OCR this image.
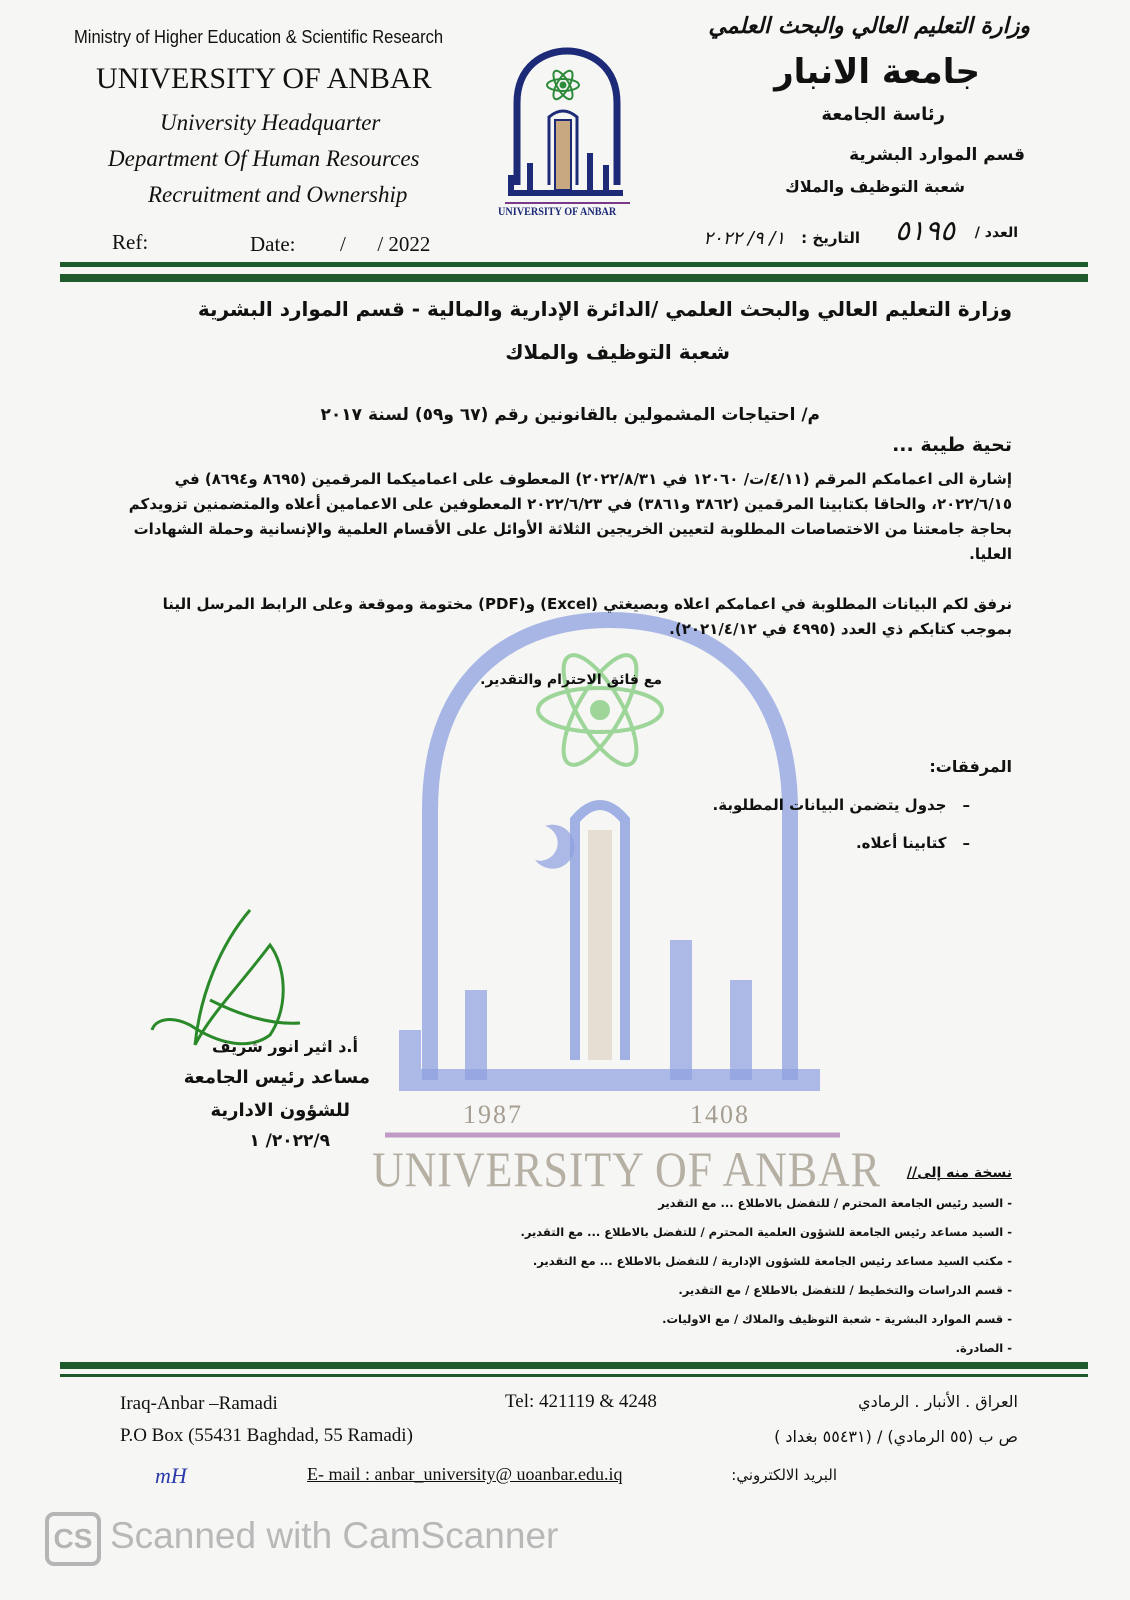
1987	1408
UNIVERSITY OF ANBAR
Ministry of Higher Education & Scientific Research
UNIVERSITY OF ANBAR
University Headquarter
Department Of Human Resources
Recruitment and Ownership
Ref:	Date: /      / 2022
UNIVERSITY OF ANBAR
وزارة التعليم العالي والبحث العلمي
جامعة الانبار
رئاسة الجامعة
قسم الموارد البشرية
شعبة التوظيف والملاك
العدد /
٥١٩٥
التاريخ :
١/ ٩/ ٢٠٢٢
وزارة التعليم العالي والبحث العلمي /الدائرة الإدارية والمالية - قسم الموارد البشرية
شعبة التوظيف والملاك
م/ احتياجات المشمولين بالقانونين رقم (٦٧ و٥٩) لسنة ٢٠١٧
تحية طيبة ...
إشارة الى اعمامكم المرقم (٤/١١/ت/ ١٢٠٦٠ في ٢٠٢٢/٨/٣١) المعطوف على اعماميكما المرقمين (٨٦٩٥ و٨٦٩٤) في ٢٠٢٢/٦/١٥، والحاقا بكتابينا المرقمين (٣٨٦٢ و٣٨٦١) في ٢٠٢٢/٦/٢٣ المعطوفين على الاعمامين أعلاه والمتضمنين تزويدكم بحاجة جامعتنا من الاختصاصات المطلوبة لتعيين الخريجين الثلاثة الأوائل على الأقسام العلمية والإنسانية وحملة الشهادات العليا.
نرفق لكم البيانات المطلوبة في اعمامكم اعلاه وبصيغتي (Excel) و(PDF) مختومة وموقعة وعلى الرابط المرسل الينا بموجب كتابكم ذي العدد (٤٩٩٥ في ٢٠٢١/٤/١٢).
مع فائق الاحترام والتقدير.
المرفقات:
–جدول يتضمن البيانات المطلوبة.
–كتابينا أعلاه.
أ.د اثير انور شريف
مساعد رئيس الجامعة
للشؤون الادارية
٢٠٢٢/٩/ ١
نسخة منه إلى//
- السيد رئيس الجامعة المحترم / للتفضل بالاطلاع ... مع التقدير
- السيد مساعد رئيس الجامعة للشؤون العلمية المحترم / للتفضل بالاطلاع ... مع التقدير.
- مكتب السيد مساعد رئيس الجامعة للشؤون الإدارية / للتفضل بالاطلاع ... مع التقدير.
- قسم الدراسات والتخطيط / للتفضل بالاطلاع / مع التقدير.
- قسم الموارد البشرية - شعبة التوظيف والملاك / مع الاوليات.
- الصادرة.
Iraq-Anbar –Ramadi	Tel: 421119 & 4248	العراق . الأنبار . الرمادي
P.O Box (55431 Baghdad, 55 Ramadi)	ص ب (٥٥ الرمادي) / (٥٥٤٣١ بغداد )
mH	E- mail : anbar_university@ uoanbar.edu.iq	البريد الالكتروني:
CS Scanned with CamScanner
